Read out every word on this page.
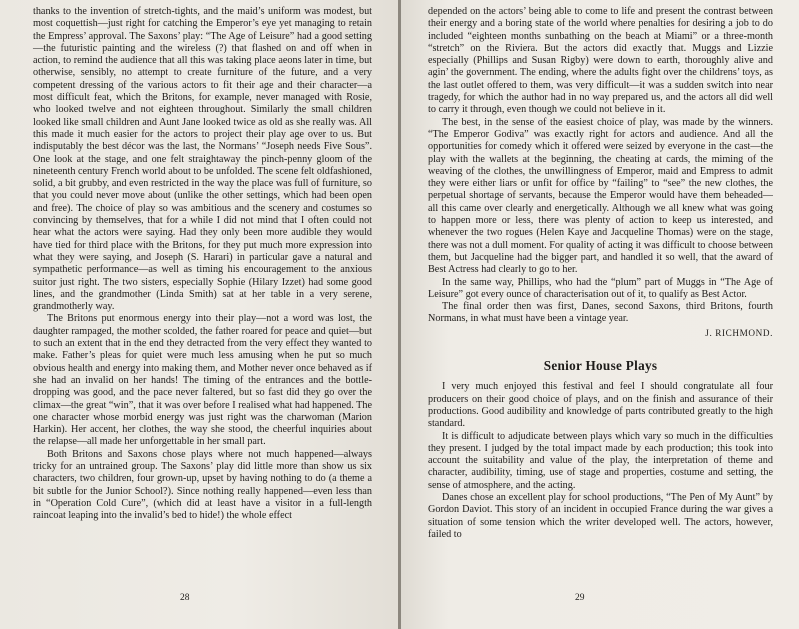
thanks to the invention of stretch-tights, and the maid’s uniform was modest, but most coquettish—just right for catching the Emperor’s eye yet managing to retain the Empress’ approval. The Saxons’ play: “The Age of Leisure” had a good setting—the futuristic painting and the wireless (?) that flashed on and off when in action, to remind the audience that all this was taking place aeons later in time, but otherwise, sensibly, no attempt to create furniture of the future, and a very competent dressing of the various actors to fit their age and their character—a most difficult feat, which the Britons, for example, never managed with Rosie, who looked twelve and not eighteen throughout. Similarly the small children looked like small children and Aunt Jane looked twice as old as she really was. All this made it much easier for the actors to project their play age over to us. But indisputably the best décor was the last, the Normans’ “Joseph needs Five Sous”. One look at the stage, and one felt straightaway the pinch-penny gloom of the nineteenth century French world about to be unfolded. The scene felt oldfashioned, solid, a bit grubby, and even restricted in the way the place was full of furniture, so that you could never move about (unlike the other settings, which had been open and free). The choice of play so was ambitious and the scenery and costumes so convincing by themselves, that for a while I did not mind that I often could not hear what the actors were saying. Had they only been more audible they would have tied for third place with the Britons, for they put much more expression into what they were saying, and Joseph (S. Harari) in particular gave a natural and sympathetic performance—as well as timing his encouragement to the anxious suitor just right. The two sisters, especially Sophie (Hilary Izzet) had some good lines, and the grandmother (Linda Smith) sat at her table in a very serene, grandmotherly way.

The Britons put enormous energy into their play—not a word was lost, the daughter rampaged, the mother scolded, the father roared for peace and quiet—but to such an extent that in the end they detracted from the very effect they wanted to make. Father’s pleas for quiet were much less amusing when he put so much obvious health and energy into making them, and Mother never once behaved as if she had an invalid on her hands! The timing of the entrances and the bottle-dropping was good, and the pace never faltered, but so fast did they go over the climax—the great “win”, that it was over before I realised what had happened. The one character whose morbid energy was just right was the charwoman (Marion Harkin). Her accent, her clothes, the way she stood, the cheerful inquiries about the relapse—all made her unforgettable in her small part.

Both Britons and Saxons chose plays where not much happened—always tricky for an untrained group. The Saxons’ play did little more than show us six characters, two children, four grown-up, upset by having nothing to do (a theme a bit subtle for the Junior School?). Since nothing really happened—even less than in “Operation Cold Cure”, (which did at least have a visitor in a full-length raincoat leaping into the invalid’s bed to hide!) the whole effect

28

depended on the actors’ being able to come to life and present the contrast between their energy and a boring state of the world where penalties for desiring a job to do included “eighteen months sunbathing on the beach at Miami” or a three-month “stretch” on the Riviera. But the actors did exactly that. Muggs and Lizzie especially (Phillips and Susan Rigby) were down to earth, thoroughly alive and agin’ the government. The ending, where the adults fight over the childrens’ toys, as the last outlet offered to them, was very difficult—it was a sudden switch into near tragedy, for which the author had in no way prepared us, and the actors all did well to carry it through, even though we could not believe in it.

The best, in the sense of the easiest choice of play, was made by the winners. “The Emperor Godiva” was exactly right for actors and audience. And all the opportunities for comedy which it offered were seized by everyone in the cast—the play with the wallets at the beginning, the cheating at cards, the miming of the weaving of the clothes, the unwillingness of Emperor, maid and Empress to admit they were either liars or unfit for office by “failing” to “see” the new clothes, the perpetual shortage of servants, because the Emperor would have them beheaded—all this came over clearly and energetically. Although we all knew what was going to happen more or less, there was plenty of action to keep us interested, and whenever the two rogues (Helen Kaye and Jacqueline Thomas) were on the stage, there was not a dull moment. For quality of acting it was difficult to choose between them, but Jacqueline had the bigger part, and handled it so well, that the award of Best Actress had clearly to go to her.

In the same way, Phillips, who had the “plum” part of Muggs in “The Age of Leisure” got every ounce of characterisation out of it, to qualify as Best Actor.

The final order then was first, Danes, second Saxons, third Britons, fourth Normans, in what must have been a vintage year.

J. RICHMOND.

Senior House Plays

I very much enjoyed this festival and feel I should congratulate all four producers on their good choice of plays, and on the finish and assurance of their productions. Good audibility and knowledge of parts contributed greatly to the high standard.

It is difficult to adjudicate between plays which vary so much in the difficulties they present. I judged by the total impact made by each production; this took into account the suitability and value of the play, the interpretation of theme and character, audibility, timing, use of stage and properties, costume and setting, the sense of atmosphere, and the acting.

Danes chose an excellent play for school productions, “The Pen of My Aunt” by Gordon Daviot. This story of an incident in occupied France during the war gives a situation of some tension which the writer developed well. The actors, however, failed to

29
